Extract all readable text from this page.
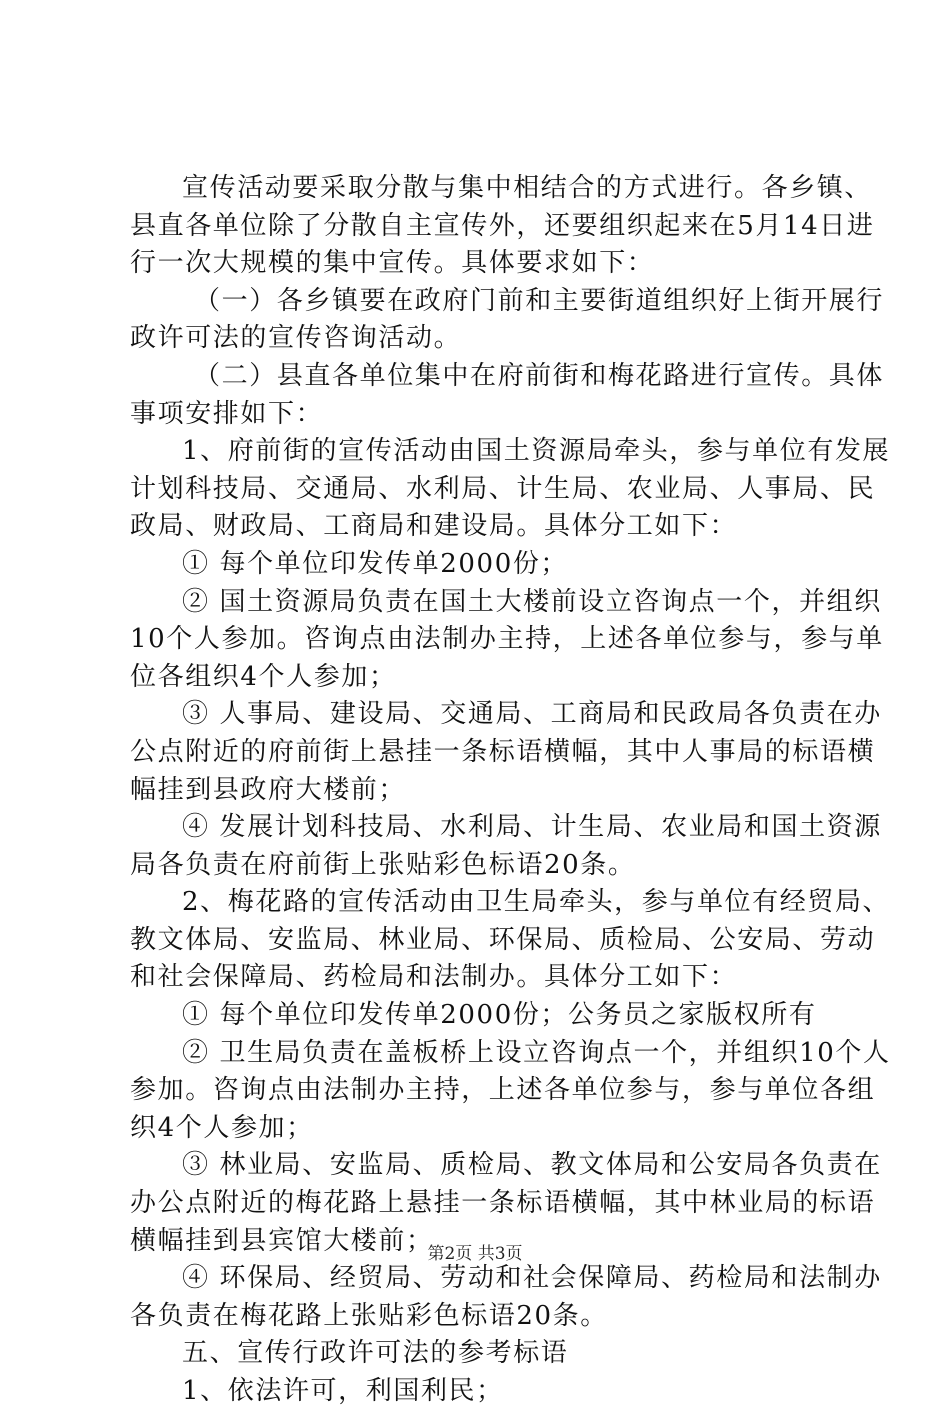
宣传活动要采取分散与集中相结合的方式进行。各乡镇、
县直各单位除了分散自主宣传外，还要组织起来在5月14日进
行一次大规模的集中宣传。具体要求如下：
（一）各乡镇要在政府门前和主要街道组织好上街开展行
政许可法的宣传咨询活动。
（二）县直各单位集中在府前街和梅花路进行宣传。具体
事项安排如下：
1、府前街的宣传活动由国土资源局牵头，参与单位有发展
计划科技局、交通局、水利局、计生局、农业局、人事局、民
政局、财政局、工商局和建设局。具体分工如下：
① 每个单位印发传单2000份；
② 国土资源局负责在国土大楼前设立咨询点一个，并组织
10个人参加。咨询点由法制办主持，上述各单位参与，参与单
位各组织4个人参加；
③ 人事局、建设局、交通局、工商局和民政局各负责在办
公点附近的府前街上悬挂一条标语横幅，其中人事局的标语横
幅挂到县政府大楼前；
④ 发展计划科技局、水利局、计生局、农业局和国土资源
局各负责在府前街上张贴彩色标语20条。
2、梅花路的宣传活动由卫生局牵头，参与单位有经贸局、
教文体局、安监局、林业局、环保局、质检局、公安局、劳动
和社会保障局、药检局和法制办。具体分工如下：
① 每个单位印发传单2000份；公务员之家版权所有
② 卫生局负责在盖板桥上设立咨询点一个，并组织10个人
参加。咨询点由法制办主持，上述各单位参与，参与单位各组
织4个人参加；
③ 林业局、安监局、质检局、教文体局和公安局各负责在
办公点附近的梅花路上悬挂一条标语横幅，其中林业局的标语
横幅挂到县宾馆大楼前；
④ 环保局、经贸局、劳动和社会保障局、药检局和法制办
各负责在梅花路上张贴彩色标语20条。
五、宣传行政许可法的参考标语
1、依法许可，利国利民；
第2页 共3页
